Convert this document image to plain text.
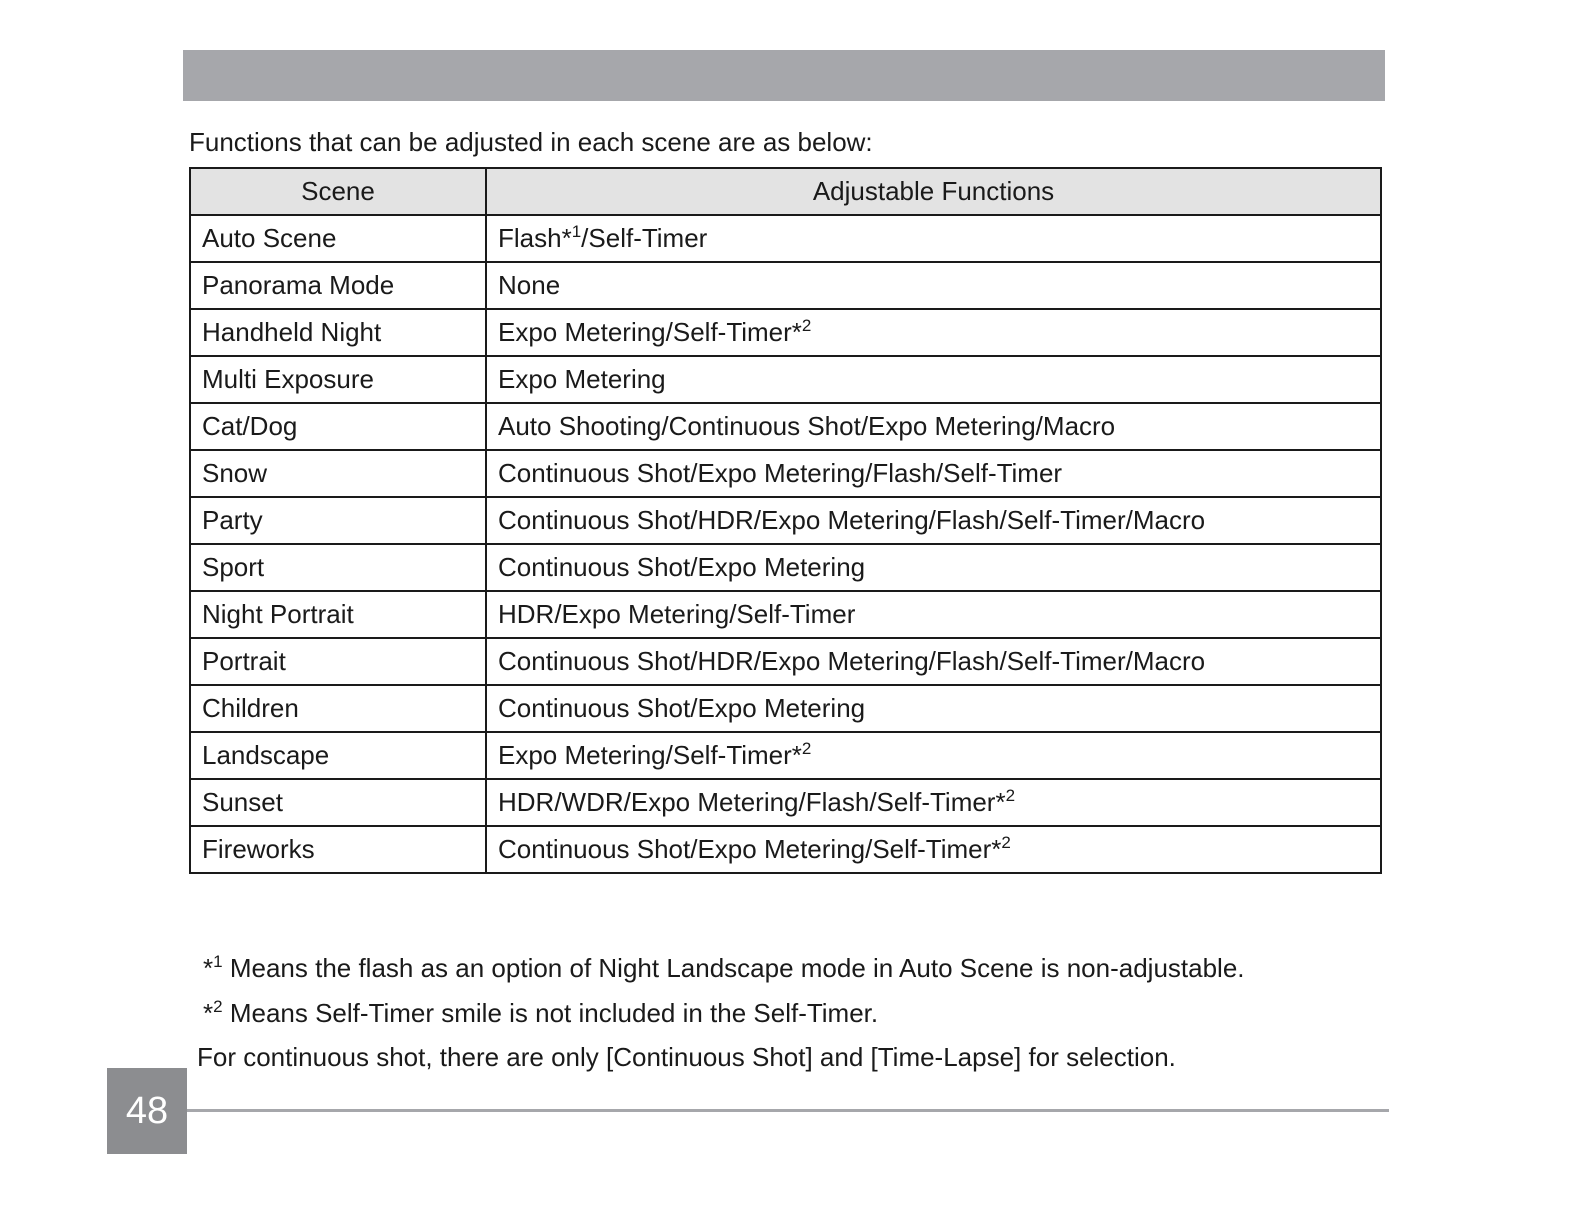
Functions that can be adjusted in each scene are as below:
Scene	Adjustable Functions
Auto Scene	Flash*$^1$/Self-Timer
Panorama Mode	None
Handheld Night	Expo Metering/Self-Timer*$^2$
Multi Exposure	Expo Metering
Cat/Dog	Auto Shooting/Continuous Shot/Expo Metering/Macro
Snow	Continuous Shot/Expo Metering/Flash/Self-Timer
Party	Continuous Shot/HDR/Expo Metering/Flash/Self-Timer/Macro
Sport	Continuous Shot/Expo Metering
Night Portrait	HDR/Expo Metering/Self-Timer
Portrait	Continuous Shot/HDR/Expo Metering/Flash/Self-Timer/Macro
Children	Continuous Shot/Expo Metering
Landscape	Expo Metering/Self-Timer*$^2$
Sunset	HDR/WDR/Expo Metering/Flash/Self-Timer*$^2$
Fireworks	Continuous Shot/Expo Metering/Self-Timer*$^2$
*$^1$ Means the flash as an option of Night Landscape mode in Auto Scene is non-adjustable.
*$^2$ Means Self-Timer smile is not included in the Self-Timer.
For continuous shot, there are only [Continuous Shot] and [Time-Lapse] for selection.
48
